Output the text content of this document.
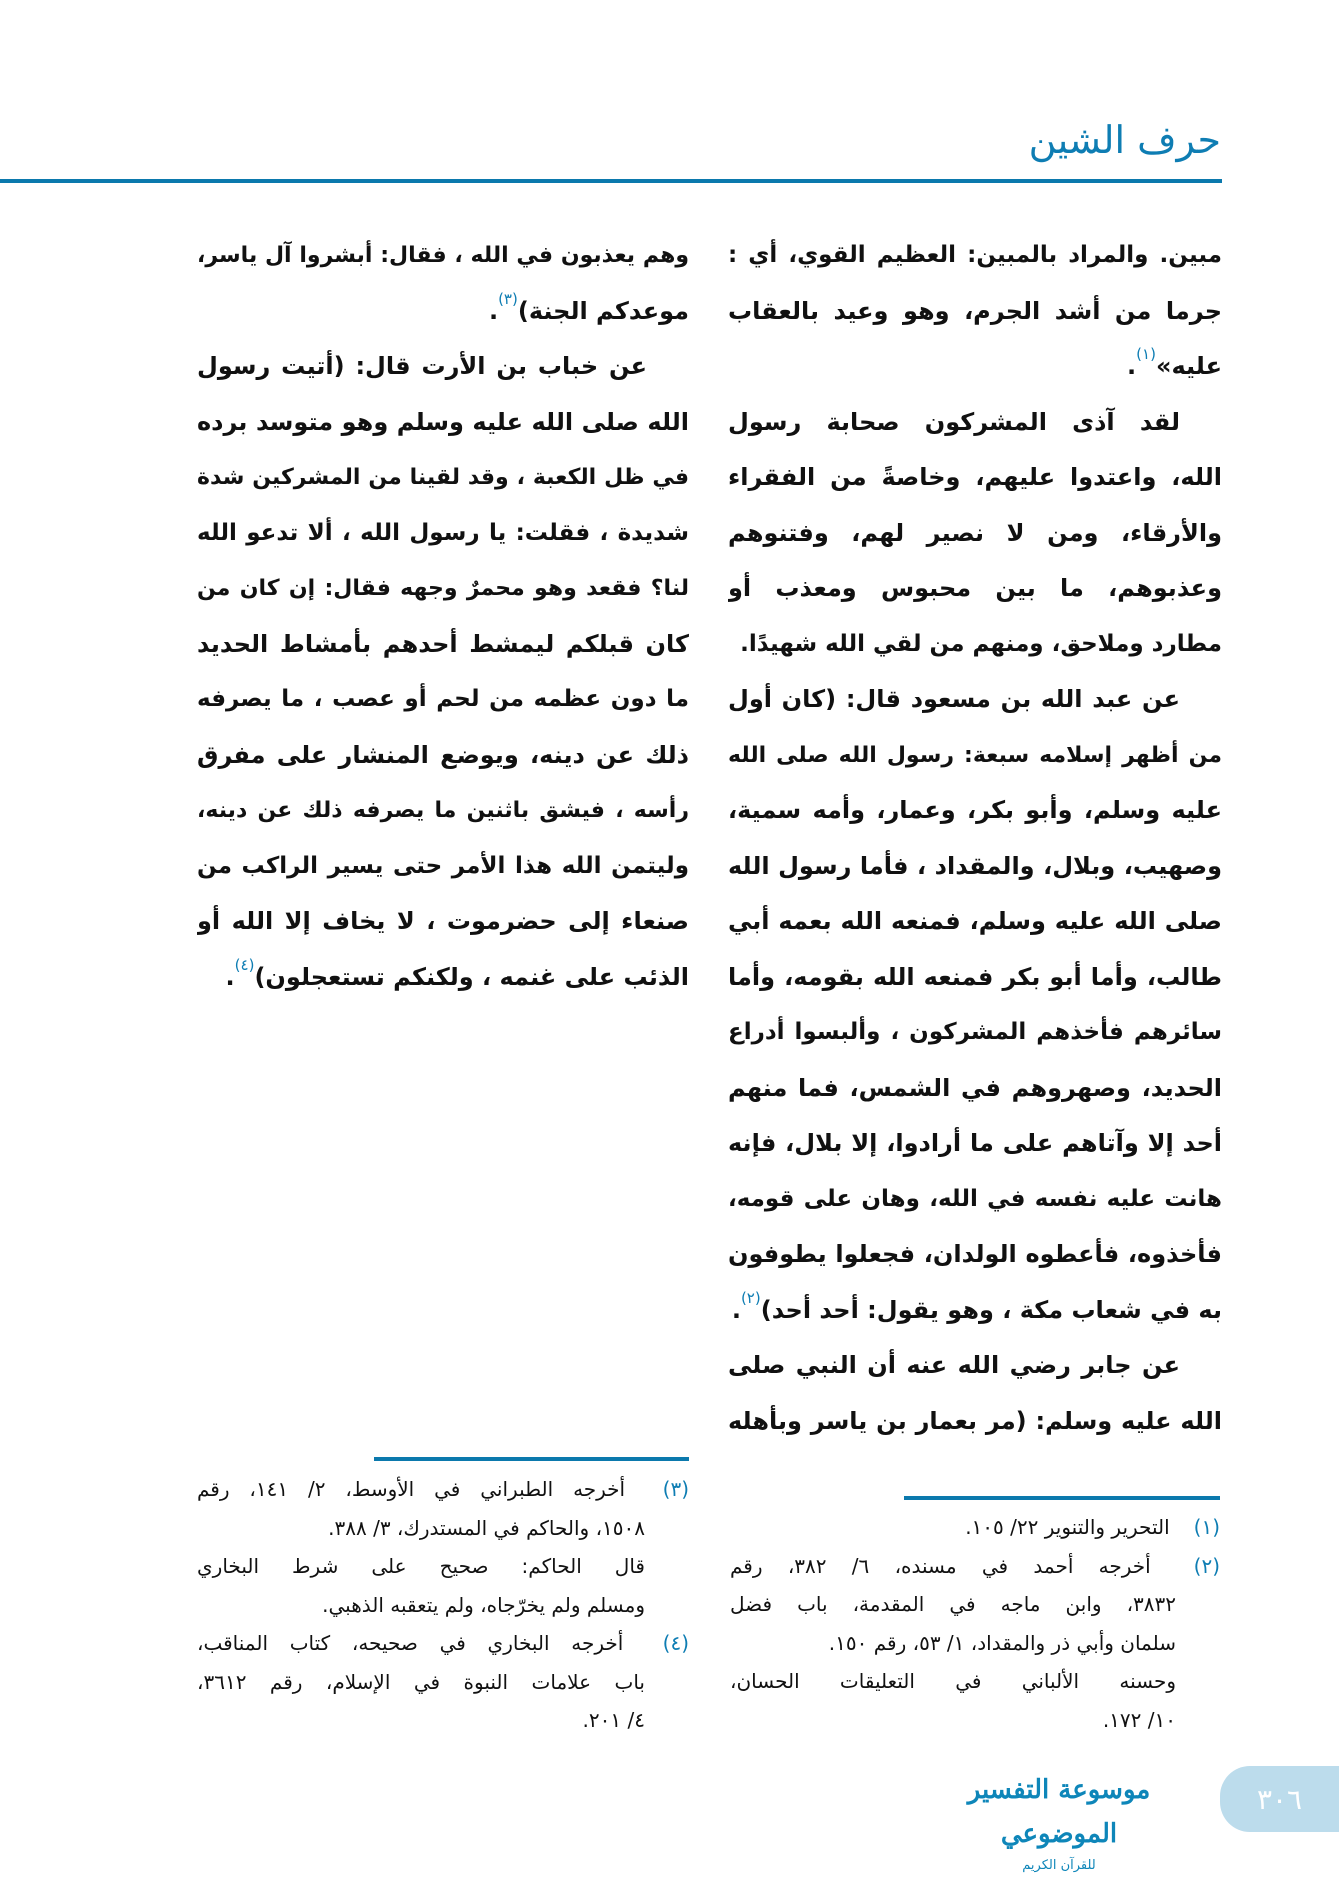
حرف الشين
مبين. والمراد بالمبين: العظيم القوي، أي :
جرما من أشد الجرم، وهو وعيد بالعقاب
عليه»$^{(١)}$.
لقد آذى المشركون صحابة رسول
الله، واعتدوا عليهم، وخاصةً من الفقراء
والأرقاء، ومن لا نصير لهم، وفتنوهم
وعذبوهم، ما بين محبوس ومعذب أو
مطارد وملاحق، ومنهم من لقي الله شهيدًا.
عن عبد الله بن مسعود قال: (كان أول
من أظهر إسلامه سبعة: رسول الله صلى الله
عليه وسلم، وأبو بكر، وعمار، وأمه سمية،
وصهيب، وبلال، والمقداد ، فأما رسول الله
صلى الله عليه وسلم، فمنعه الله بعمه أبي
طالب، وأما أبو بكر فمنعه الله بقومه، وأما
سائرهم فأخذهم المشركون ، وألبسوا أدراع
الحديد، وصهروهم في الشمس، فما منهم
أحد إلا وآتاهم على ما أرادوا، إلا بلال، فإنه
هانت عليه نفسه في الله، وهان على قومه،
فأخذوه، فأعطوه الولدان، فجعلوا يطوفون
به في شعاب مكة ، وهو يقول: أحد أحد)$^{(٢)}$.
عن جابر رضي الله عنه أن النبي صلى
الله عليه وسلم: (مر بعمار بن ياسر وبأهله
وهم يعذبون في الله ، فقال: أبشروا آل ياسر،
موعدكم الجنة)$^{(٣)}$.
عن خباب بن الأرت قال: (أتيت رسول
الله صلى الله عليه وسلم وهو متوسد برده
في ظل الكعبة ، وقد لقينا من المشركين شدة
شديدة ، فقلت: يا رسول الله ، ألا تدعو الله
لنا؟ فقعد وهو محمرٌ وجهه فقال: إن كان من
كان قبلكم ليمشط أحدهم بأمشاط الحديد
ما دون عظمه من لحم أو عصب ، ما يصرفه
ذلك عن دينه، ويوضع المنشار على مفرق
رأسه ، فيشق باثنين ما يصرفه ذلك عن دينه،
وليتمن الله هذا الأمر حتى يسير الراكب من
صنعاء إلى حضرموت ، لا يخاف إلا الله أو
الذئب على غنمه ، ولكنكم تستعجلون)$^{(٤)}$.
(١) التحرير والتنوير ٢٢/ ١٠٥.
(٢) أخرجه أحمد في مسنده، ٦/ ٣٨٢، رقم
٣٨٣٢، وابن ماجه في المقدمة، باب فضل
سلمان وأبي ذر والمقداد، ١/ ٥٣، رقم ١٥٠.
وحسنه الألباني في التعليقات الحسان،
١٠/ ١٧٢.
(٣) أخرجه الطبراني في الأوسط، ٢/ ١٤١، رقم
١٥٠٨، والحاكم في المستدرك، ٣/ ٣٨٨.
قال الحاكم: صحيح على شرط البخاري
ومسلم ولم يخرّجاه، ولم يتعقبه الذهبي.
(٤) أخرجه البخاري في صحيحه، كتاب المناقب،
باب علامات النبوة في الإسلام، رقم ٣٦١٢،
٤/ ٢٠١.
موسوعة التفسير الموضوعي
للقرآن الكريم
٣٠٦
